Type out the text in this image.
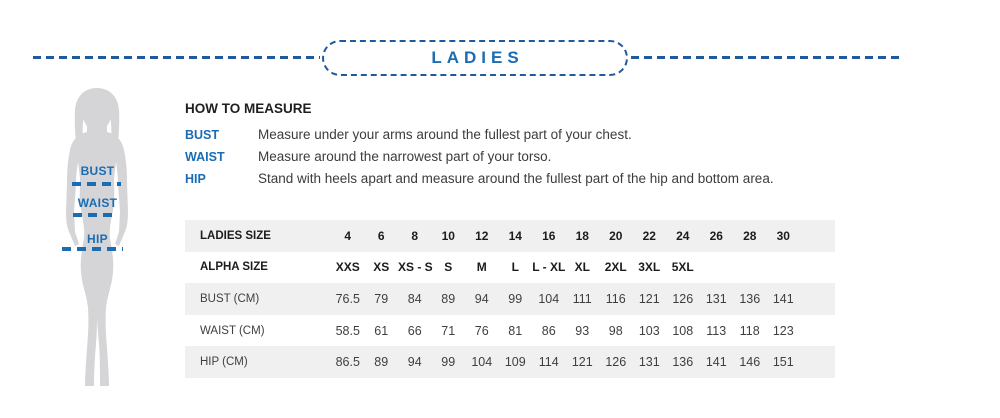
LADIES
BUST
WAIST
HIP
HOW TO MEASURE
BUST	Measure under your arms around the fullest part of your chest.
WAIST	Measure around the narrowest part of your torso.
HIP	Stand with heels apart and measure around the fullest part of the hip and bottom area.
LADIES SIZE	4	6	8	10	12	14	16	18	20	22	24	26	28	30	
ALPHA SIZE	XXS	XS	XS - S	S	M	L	L - XL	XL	2XL	3XL	5XL				
BUST (CM)	76.5	79	84	89	94	99	104	111	116	121	126	131	136	141	
WAIST (CM)	58.5	61	66	71	76	81	86	93	98	103	108	113	118	123	
HIP (CM)	86.5	89	94	99	104	109	114	121	126	131	136	141	146	151	
